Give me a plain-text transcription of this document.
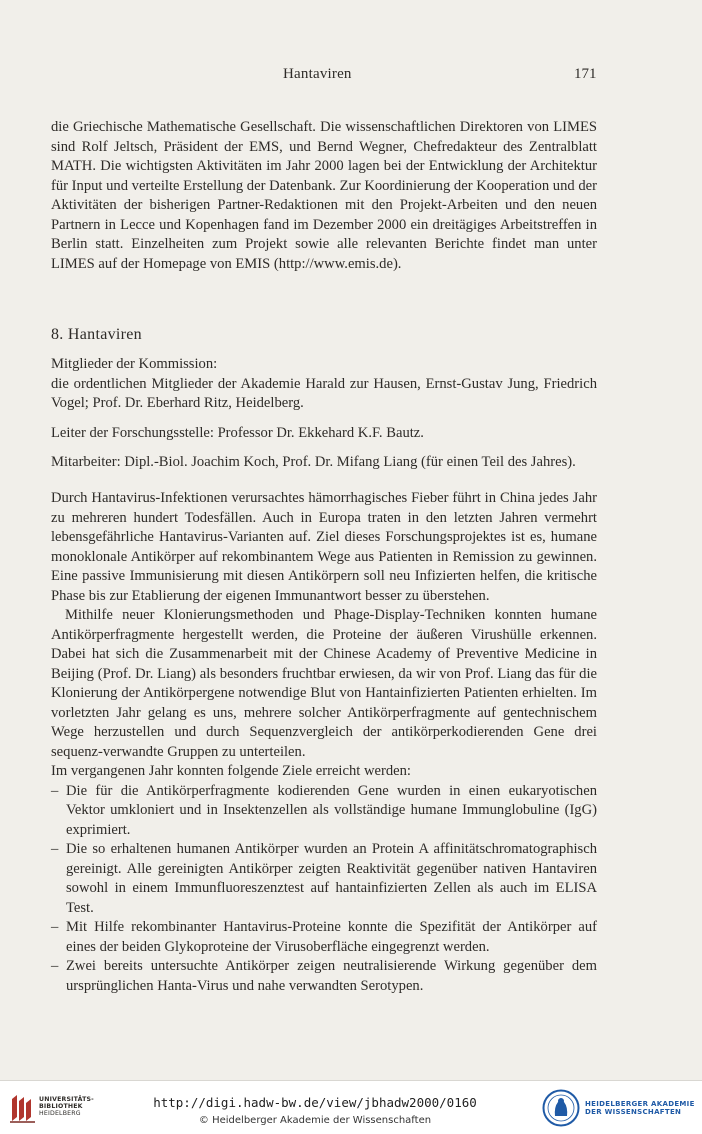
Hantaviren	171

die Griechische Mathematische Gesellschaft. Die wissenschaftlichen Direktoren von LIMES sind Rolf Jeltsch, Präsident der EMS, und Bernd Wegner, Chefredakteur des Zentralblatt MATH. Die wichtigsten Aktivitäten im Jahr 2000 lagen bei der Entwicklung der Architektur für Input und verteilte Erstellung der Datenbank. Zur Koordinierung der Kooperation und der Aktivitäten der bisherigen Partner-Redaktionen mit den Projekt-Arbeiten und den neuen Partnern in Lecce und Kopenhagen fand im Dezember 2000 ein dreitägiges Arbeitstreffen in Berlin statt. Einzelheiten zum Projekt sowie alle relevanten Berichte findet man unter LIMES auf der Homepage von EMIS (http://www.emis.de).

8. Hantaviren

Mitglieder der Kommission:

die ordentlichen Mitglieder der Akademie Harald zur Hausen, Ernst-Gustav Jung, Friedrich Vogel; Prof. Dr. Eberhard Ritz, Heidelberg.

Leiter der Forschungsstelle: Professor Dr. Ekkehard K.F. Bautz.

Mitarbeiter: Dipl.-Biol. Joachim Koch, Prof. Dr. Mifang Liang (für einen Teil des Jahres).

Durch Hantavirus-Infektionen verursachtes hämorrhagisches Fieber führt in China jedes Jahr zu mehreren hundert Todesfällen. Auch in Europa traten in den letzten Jahren vermehrt lebensgefährliche Hantavirus-Varianten auf. Ziel dieses Forschungsprojektes ist es, humane monoklonale Antikörper auf rekombinantem Wege aus Patienten in Remission zu gewinnen. Eine passive Immunisierung mit diesen Antikörpern soll neu Infizierten helfen, die kritische Phase bis zur Etablierung der eigenen Immunantwort besser zu überstehen.

Mithilfe neuer Klonierungsmethoden und Phage-Display-Techniken konnten humane Antikörperfragmente hergestellt werden, die Proteine der äußeren Virushülle erkennen. Dabei hat sich die Zusammenarbeit mit der Chinese Academy of Preventive Medicine in Beijing (Prof. Dr. Liang) als besonders fruchtbar erwiesen, da wir von Prof. Liang das für die Klonierung der Antikörpergene notwendige Blut von Hantainfizierten Patienten erhielten. Im vorletzten Jahr gelang es uns, mehrere solcher Antikörperfragmente auf gentechnischem Wege herzustellen und durch Sequenzvergleich der antikörperkodierenden Gene drei sequenz-verwandte Gruppen zu unterteilen.

Im vergangenen Jahr konnten folgende Ziele erreicht werden:

– Die für die Antikörperfragmente kodierenden Gene wurden in einen eukaryotischen Vektor umkloniert und in Insektenzellen als vollständige humane Immunglobuline (IgG) exprimiert.
– Die so erhaltenen humanen Antikörper wurden an Protein A affinitätschromatographisch gereinigt. Alle gereinigten Antikörper zeigten Reaktivität gegenüber nativen Hantaviren sowohl in einem Immunfluoreszenztest auf hantainfizierten Zellen als auch im ELISA Test.
– Mit Hilfe rekombinanter Hantavirus-Proteine konnte die Spezifität der Antikörper auf eines der beiden Glykoproteine der Virusoberfläche eingegrenzt werden.
– Zwei bereits untersuchte Antikörper zeigen neutralisierende Wirkung gegenüber dem ursprünglichen Hanta-Virus und nahe verwandten Serotypen.
UNIVERSITÄTS-
BIBLIOTHEK
HEIDELBERG
http://digi.hadw-bw.de/view/jbhadw2000/0160
© Heidelberger Akademie der Wissenschaften
HEIDELBERGER AKADEMIE
DER WISSENSCHAFTEN
